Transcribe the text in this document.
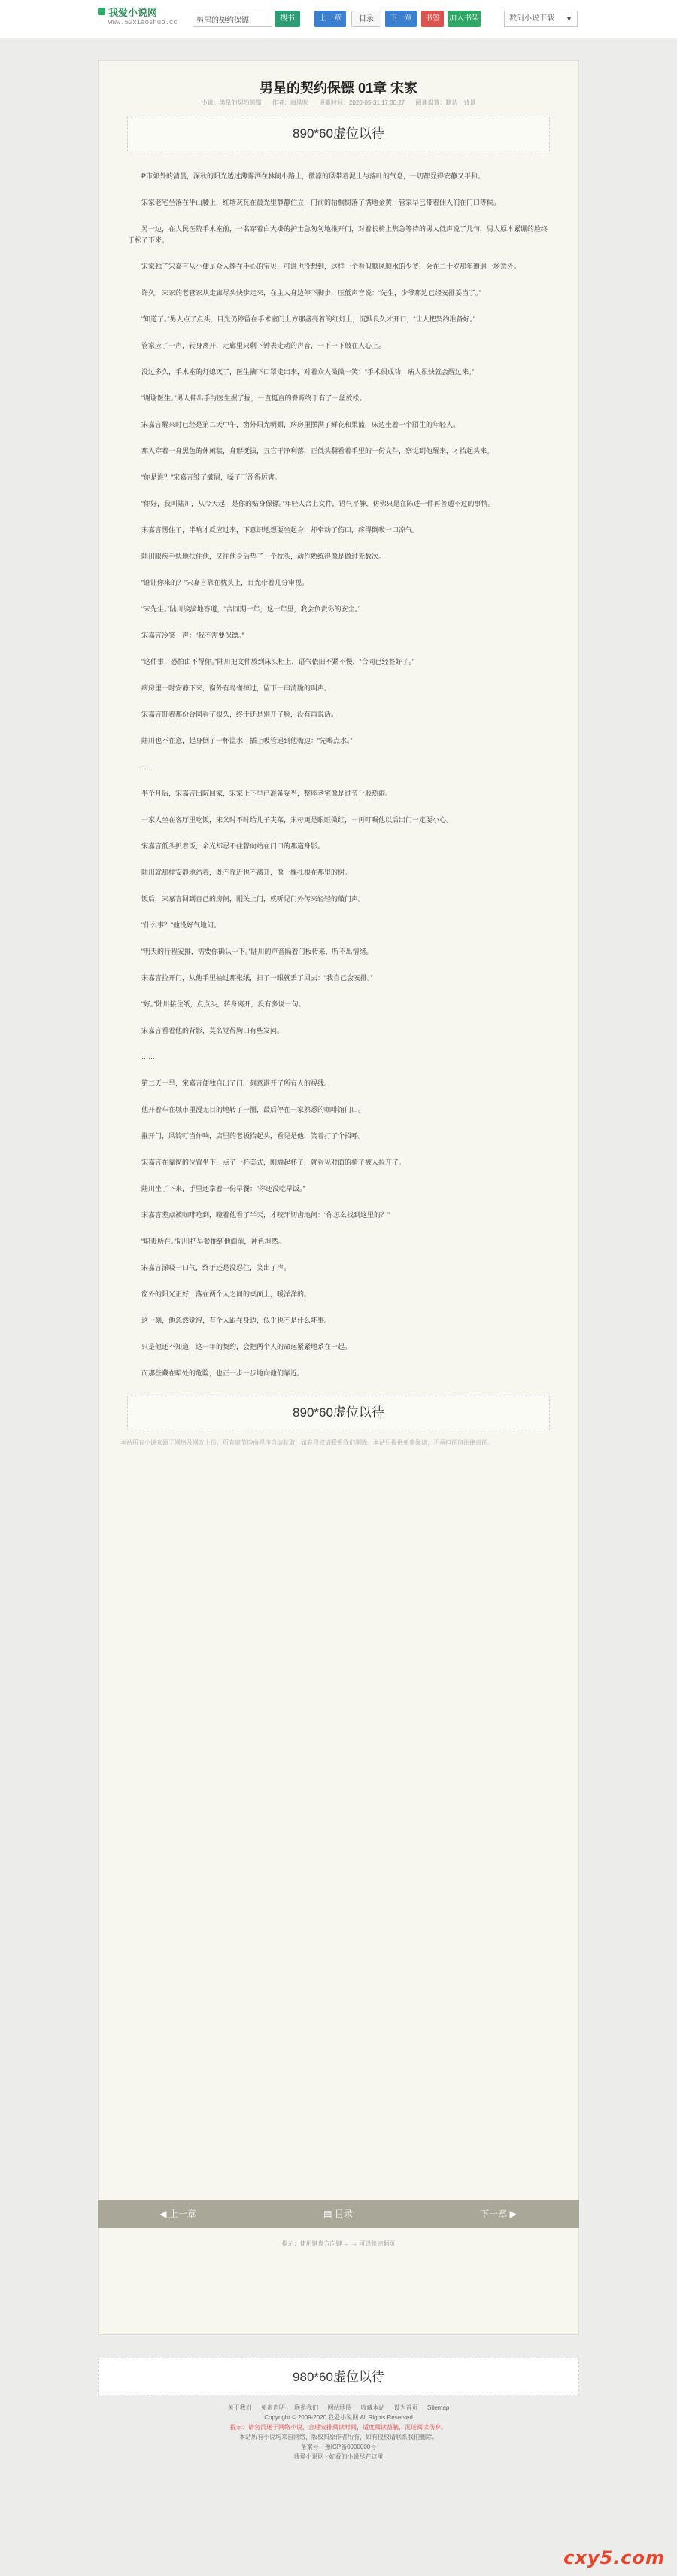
我爱小说网
www.52xiaoshuo.cc
男屋的契约保镖	搜书	上一章	目录	下一章	书签	加入书架	数码小说下载 ▼
男星的契约保镖 01章 宋家
小说：男星的契约保镖 作者：海风吹 更新时间：2020-05-31 17:30:27 阅读设置：默认一背景
890*60虚位以待

P市郊外的清晨，深秋的阳光透过薄雾洒在林间小路上，微凉的风带着泥土与落叶的气息，一切都显得安静又平和。

宋家老宅坐落在半山腰上，红墙灰瓦在晨光里静静伫立，门前的梧桐树落了满地金黄，管家早已带着佣人们在门口等候。

另一边，在人民医院手术室前，一名穿着白大褂的护士急匆匆地推开门，对着长椅上焦急等待的男人低声说了几句，男人原本紧绷的脸终于松了下来。

宋家独子宋嘉言从小便是众人捧在手心的宝贝，可谁也没想到，这样一个看似顺风顺水的少爷，会在二十岁那年遭遇一场意外。

许久，宋家的老管家从走廊尽头快步走来，在主人身边停下脚步，压低声音说：“先生，少爷那边已经安排妥当了。”

“知道了。”男人点了点头，目光仍停留在手术室门上方那盏亮着的红灯上，沉默良久才开口，“让人把契约准备好。”

管家应了一声，转身离开，走廊里只剩下钟表走动的声音，一下一下敲在人心上。

没过多久，手术室的灯熄灭了，医生摘下口罩走出来，对着众人微微一笑：“手术很成功，病人很快就会醒过来。”

“谢谢医生。”男人伸出手与医生握了握，一直挺直的脊背终于有了一丝放松。

宋嘉言醒来时已经是第二天中午，窗外阳光明媚，病房里摆满了鲜花和果篮，床边坐着一个陌生的年轻人。

那人穿着一身黑色的休闲装，身形挺拔，五官干净利落，正低头翻看着手里的一份文件，察觉到他醒来，才抬起头来。

“你是谁？”宋嘉言皱了皱眉，嗓子干涩得厉害。

“你好，我叫陆川，从今天起，是你的贴身保镖。”年轻人合上文件，语气平静，仿佛只是在陈述一件再普通不过的事情。

宋嘉言愣住了，半晌才反应过来，下意识地想要坐起身，却牵动了伤口，疼得倒吸一口凉气。

陆川眼疾手快地扶住他，又往他身后垫了一个枕头，动作熟练得像是做过无数次。

“谁让你来的？”宋嘉言靠在枕头上，目光带着几分审视。

“宋先生。”陆川淡淡地答道，“合同期一年，这一年里，我会负责你的安全。”

宋嘉言冷笑一声：“我不需要保镖。”

“这件事，恐怕由不得你。”陆川把文件放到床头柜上，语气依旧不紧不慢，“合同已经签好了。”

病房里一时安静下来，窗外有鸟雀掠过，留下一串清脆的叫声。

宋嘉言盯着那份合同看了很久，终于还是别开了脸，没有再说话。

陆川也不在意，起身倒了一杯温水，插上吸管递到他嘴边：“先喝点水。”

……

半个月后，宋嘉言出院回家，宋家上下早已准备妥当，整座老宅像是过节一般热闹。

一家人坐在客厅里吃饭，宋父时不时给儿子夹菜，宋母更是眼眶微红，一再叮嘱他以后出门一定要小心。

宋嘉言低头扒着饭，余光却忍不住瞥向站在门口的那道身影。

陆川就那样安静地站着，既不靠近也不离开，像一棵扎根在那里的树。

饭后，宋嘉言回到自己的房间，刚关上门，就听见门外传来轻轻的敲门声。

“什么事？”他没好气地问。

“明天的行程安排，需要你确认一下。”陆川的声音隔着门板传来，听不出情绪。

宋嘉言拉开门，从他手里抽过那张纸，扫了一眼就丢了回去：“我自己会安排。”

“好。”陆川接住纸，点点头，转身离开，没有多说一句。

宋嘉言看着他的背影，莫名觉得胸口有些发闷。

……

第二天一早，宋嘉言便独自出了门，刻意避开了所有人的视线。

他开着车在城市里漫无目的地转了一圈，最后停在一家熟悉的咖啡馆门口。

推开门，风铃叮当作响，店里的老板抬起头，看见是他，笑着打了个招呼。

宋嘉言在靠窗的位置坐下，点了一杯美式，刚端起杯子，就看见对面的椅子被人拉开了。

陆川坐了下来，手里还拿着一份早餐：“你还没吃早饭。”

宋嘉言差点被咖啡呛到，瞪着他看了半天，才咬牙切齿地问：“你怎么找到这里的？”

“职责所在。”陆川把早餐推到他面前，神色坦然。

宋嘉言深吸一口气，终于还是没忍住，笑出了声。

窗外的阳光正好，落在两个人之间的桌面上，暖洋洋的。

这一刻，他忽然觉得，有个人跟在身边，似乎也不是什么坏事。

只是他还不知道，这一年的契约，会把两个人的命运紧紧地系在一起。

而那些藏在暗处的危险，也正一步一步地向他们靠近。

890*60虚位以待
本站所有小说来源于网络及网友上传，所有章节均由程序自动获取，如有侵权请联系我们删除。本站只提供免费阅读，不承担任何法律责任。
◀ 上一章	▤ 目录	下一章 ▶
提示：使用键盘方向键 ← → 可以快速翻页
980*60虚位以待
关于我们 免责声明 联系我们 网站地图 收藏本站 设为首页 Sitemap
Copyright © 2009-2020 我爱小说网 All Rights Reserved
提示：请勿沉迷于网络小说，合理安排阅读时间，适度阅读益脑，沉迷阅读伤身。
本站所有小说均来自网络，版权归原作者所有，如有侵权请联系我们删除。
备案号：豫ICP备0000000号
我爱小说网 - 好看的小说尽在这里
cxy5.com
